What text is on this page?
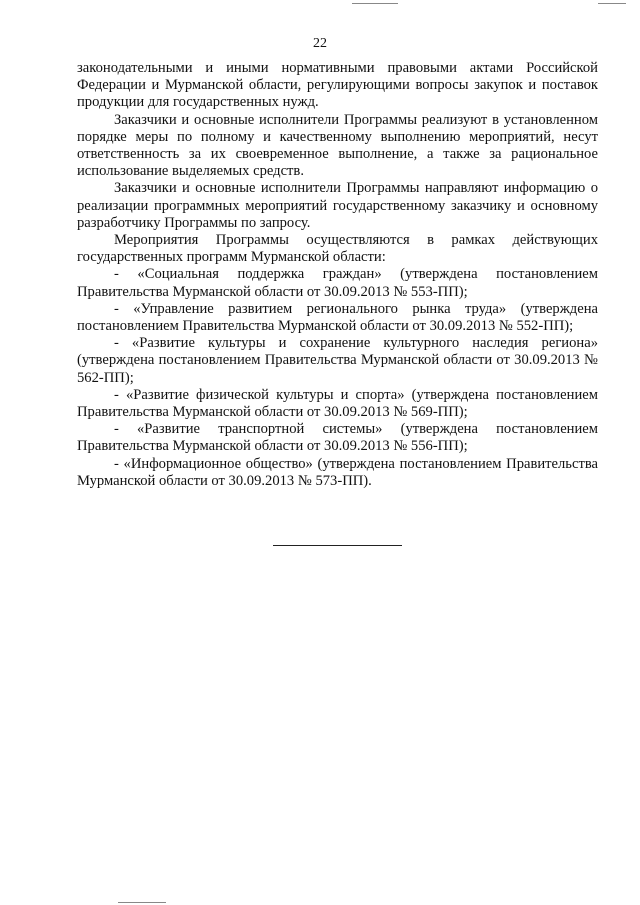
22

законодательными и иными нормативными правовыми актами Российской Федерации и Мурманской области, регулирующими вопросы закупок и поставок продукции для государственных нужд.

Заказчики и основные исполнители Программы реализуют в установленном порядке меры по полному и качественному выполнению мероприятий, несут ответственность за их своевременное выполнение, а также за рациональное использование выделяемых средств.

Заказчики и основные исполнители Программы направляют информацию о реализации программных мероприятий государственному заказчику и основному разработчику Программы по запросу.

Мероприятия Программы осуществляются в рамках действующих государственных программ Мурманской области:

- «Социальная поддержка граждан» (утверждена постановлением Правительства Мурманской области от 30.09.2013 № 553-ПП);

- «Управление развитием регионального рынка труда» (утверждена постановлением Правительства Мурманской области от 30.09.2013 № 552-ПП);

- «Развитие культуры и сохранение культурного наследия региона» (утверждена постановлением Правительства Мурманской области от 30.09.2013 № 562-ПП);

- «Развитие физической культуры и спорта» (утверждена постановлением Правительства Мурманской области от 30.09.2013 № 569-ПП);

- «Развитие транспортной системы» (утверждена постановлением Правительства Мурманской области от 30.09.2013 № 556-ПП);

- «Информационное общество» (утверждена постановлением Правительства Мурманской области от 30.09.2013 № 573-ПП).
